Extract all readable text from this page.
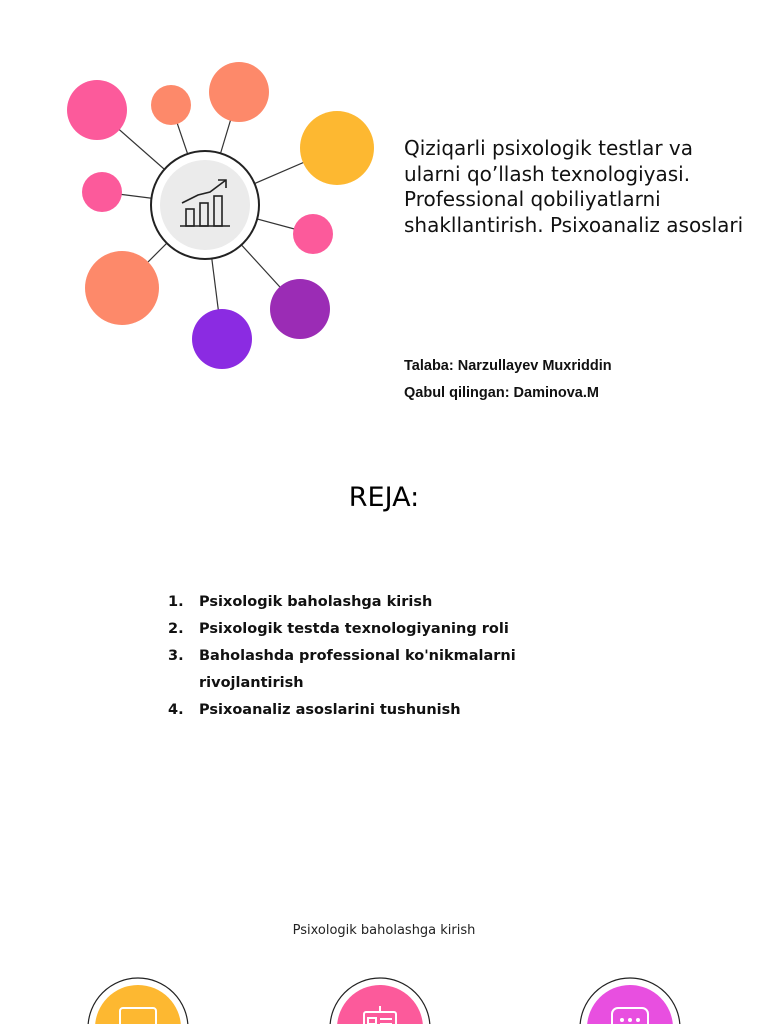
Qiziqarli psixologik testlar va ularni qo’llash texnologiyasi. Professional qobiliyatlarni shakllantirish. Psixoanaliz asoslari
Talaba: Narzullayev Muxriddin
Qabul qilingan: Daminova.M
REJA:
1.	Psixologik baholashga kirish
2.	Psixologik testda texnologiyaning roli
3.	Baholashda professional ko'nikmalarni rivojlantirish
4.	Psixoanaliz asoslarini tushunish
Psixologik baholashga kirish
